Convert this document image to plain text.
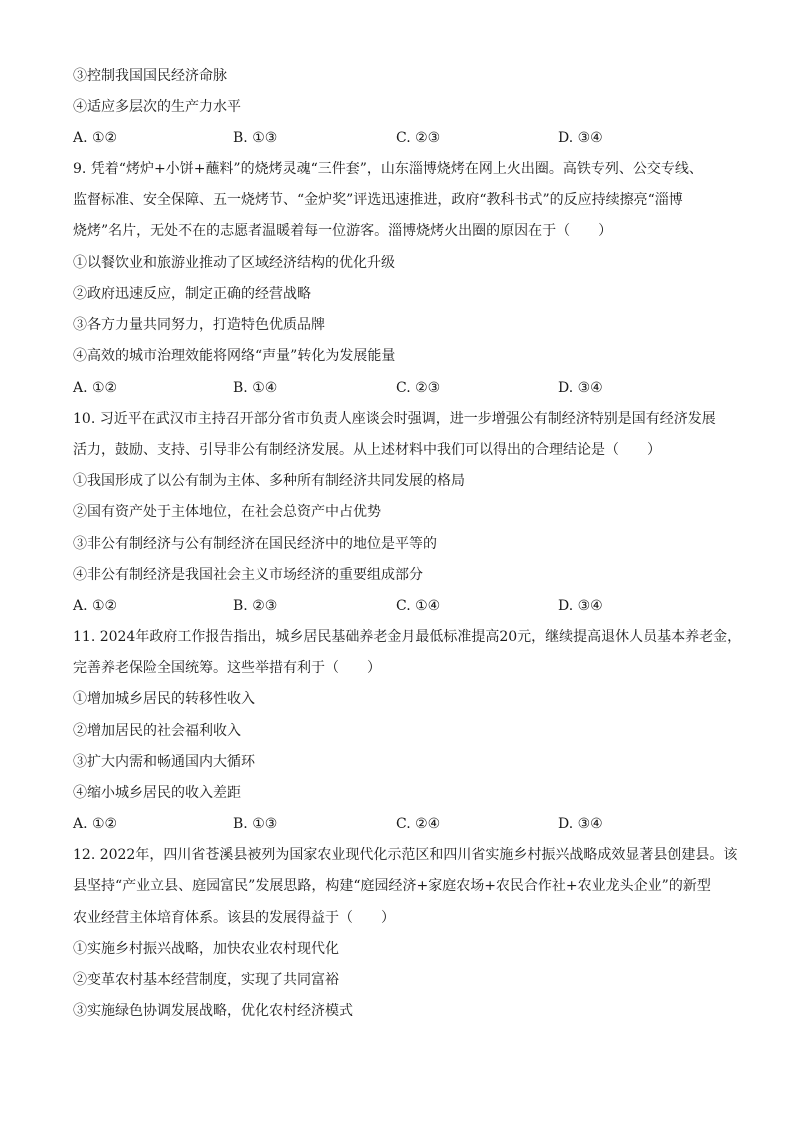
③控制我国国民经济命脉
④适应多层次的生产力水平
A. ①②	B. ①③	C. ②③	D. ③④
9. 凭着“烤炉+小饼+蘸料”的烧烤灵魂“三件套”，山东淄博烧烤在网上火出圈。高铁专列、公交专线、
监督标准、安全保障、五一烧烤节、“金炉奖”评选迅速推进，政府“教科书式”的反应持续擦亮“淄博
烧烤”名片，无处不在的志愿者温暖着每一位游客。淄博烧烤火出圈的原因在于（　　）
①以餐饮业和旅游业推动了区域经济结构的优化升级
②政府迅速反应，制定正确的经营战略
③各方力量共同努力，打造特色优质品牌
④高效的城市治理效能将网络“声量”转化为发展能量
A. ①②	B. ①④	C. ②③	D. ③④
10. 习近平在武汉市主持召开部分省市负责人座谈会时强调，进一步增强公有制经济特别是国有经济发展
活力，鼓励、支持、引导非公有制经济发展。从上述材料中我们可以得出的合理结论是（　　）
①我国形成了以公有制为主体、多种所有制经济共同发展的格局
②国有资产处于主体地位，在社会总资产中占优势
③非公有制经济与公有制经济在国民经济中的地位是平等的
④非公有制经济是我国社会主义市场经济的重要组成部分
A. ①②	B. ②③	C. ①④	D. ③④
11. 2024年政府工作报告指出，城乡居民基础养老金月最低标准提高20元，继续提高退休人员基本养老金，
完善养老保险全国统筹。这些举措有利于（　　）
①增加城乡居民的转移性收入
②增加居民的社会福利收入
③扩大内需和畅通国内大循环
④缩小城乡居民的收入差距
A. ①②	B. ①③	C. ②④	D. ③④
12. 2022年，四川省苍溪县被列为国家农业现代化示范区和四川省实施乡村振兴战略成效显著县创建县。该
县坚持“产业立县、庭园富民”发展思路，构建“庭园经济+家庭农场+农民合作社+农业龙头企业”的新型
农业经营主体培育体系。该县的发展得益于（　　）
①实施乡村振兴战略，加快农业农村现代化
②变革农村基本经营制度，实现了共同富裕
③实施绿色协调发展战略，优化农村经济模式
